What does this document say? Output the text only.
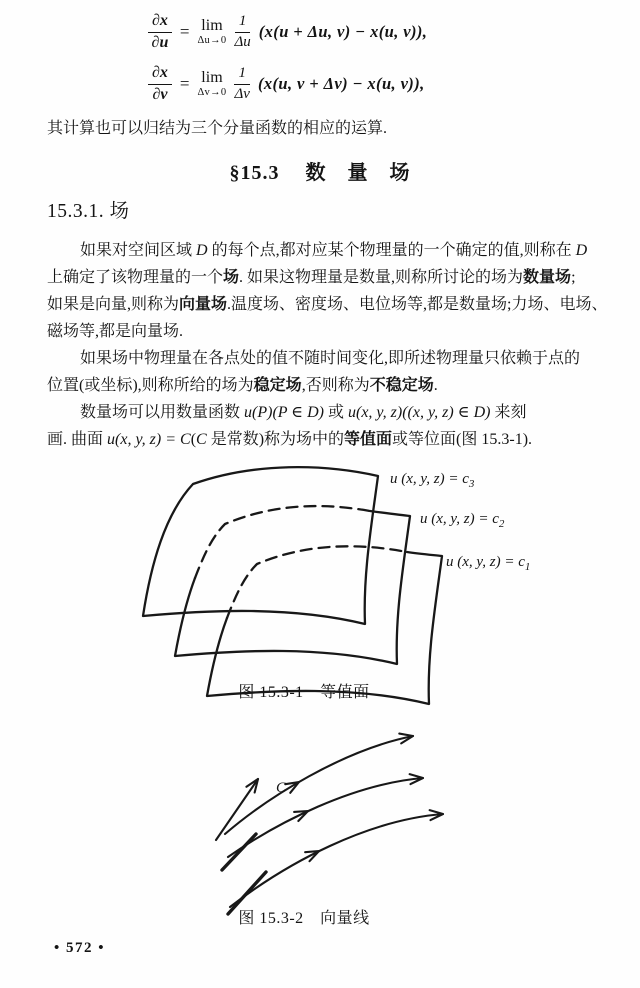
$\frac{\partial x}{\partial u} = \lim$
$\Delta u\to 0 \frac{1}{\Delta u} (x(u + \Delta u$, v) − x(u, v)),
$\frac{\partial x}{\partial v} = \lim$
$\Delta v\to 0 \frac{1}{\Delta v} (x(u$, v + Δv) − x(u, v)),
其计算也可以归结为三个分量函数的相应的运算.
§15.3 数　量　场
15.3.1. 场
如果对空间区域 D 的每个点,都对应某个物理量的一个确定的值,则称在 D
上确定了该物理量的一个场. 如果这物理量是数量,则称所讨论的场为数量场;
如果是向量,则称为向量场.温度场、密度场、电位场等,都是数量场;力场、电场、
磁场等,都是向量场.
如果场中物理量在各点处的值不随时间变化,即所述物理量只依赖于点的
位置(或坐标),则称所给的场为稳定场,否则称为不稳定场.
数量场可以用数量函数 u(P)(P ∈ D) 或 u(x, y, z)((x, y, z) ∈ D) 来刻
画. 曲面 u(x, y, z) = C(C 是常数)称为场中的等值面或等位面(图 15.3-1).
u (x, y, $z) = c_3$
u (x, y, $z) = c_2$
u (x, y, $z) = c_1$
图 15.3-1　等值面
C
图 15.3-2　向量线
• 572 •
